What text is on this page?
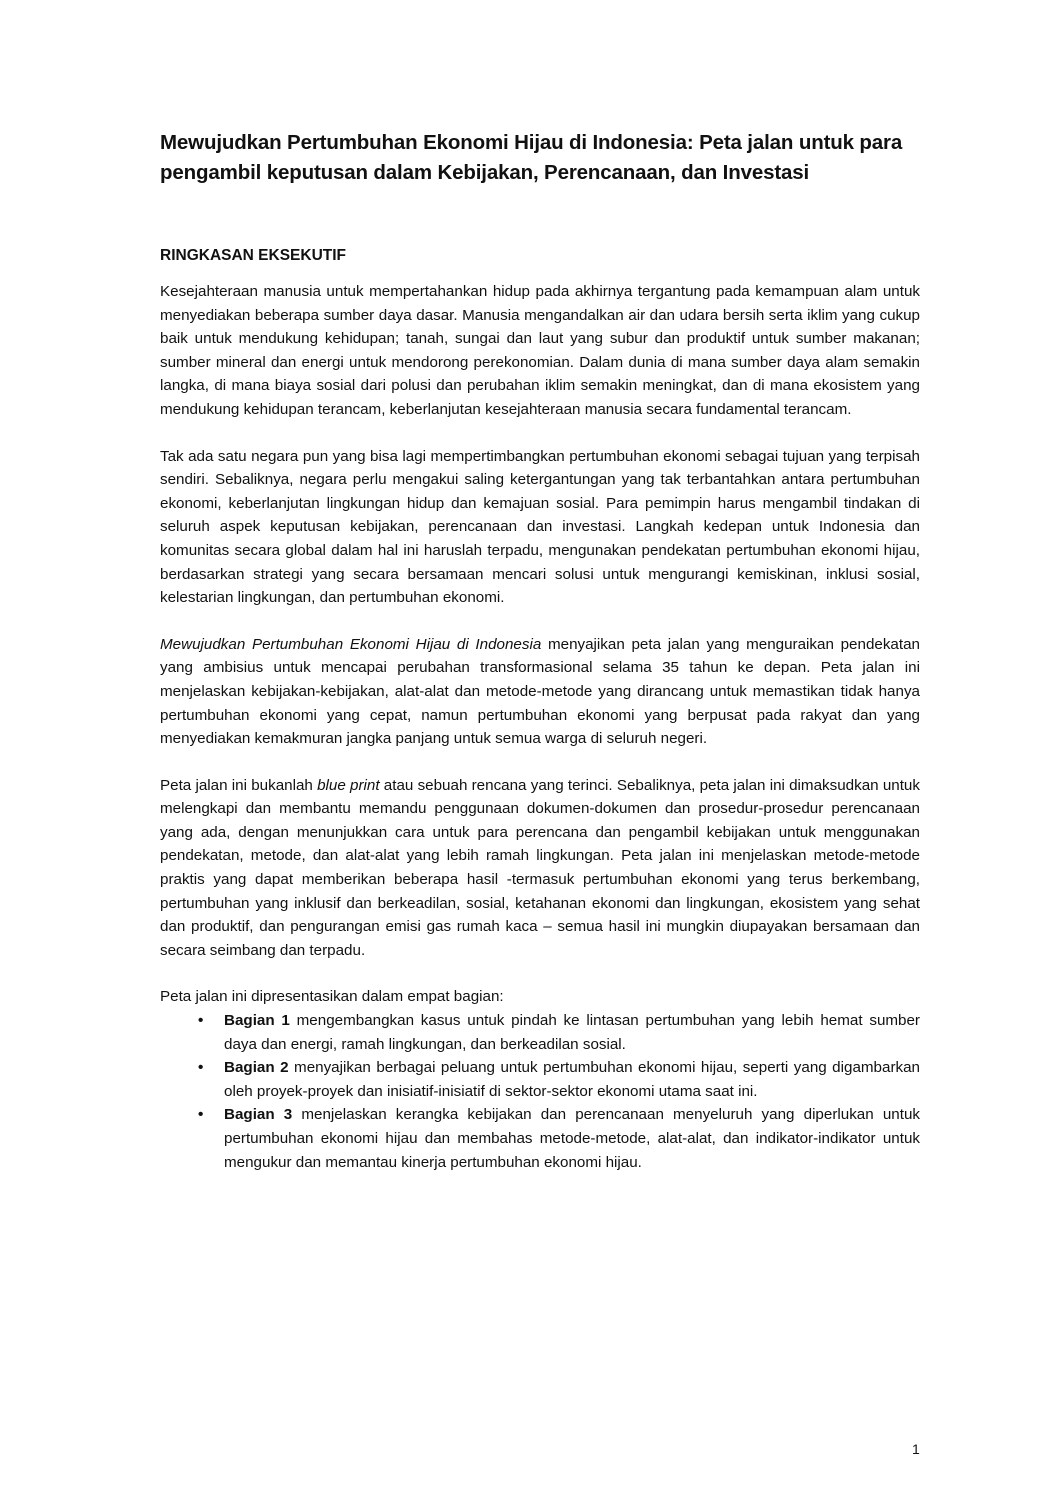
Mewujudkan Pertumbuhan Ekonomi Hijau di Indonesia: Peta jalan untuk para pengambil keputusan dalam Kebijakan, Perencanaan, dan Investasi
RINGKASAN EKSEKUTIF

Kesejahteraan manusia untuk mempertahankan hidup pada akhirnya tergantung pada kemampuan alam untuk menyediakan beberapa sumber daya dasar. Manusia mengandalkan air dan udara bersih serta iklim yang cukup baik untuk mendukung kehidupan; tanah, sungai dan laut yang subur dan produktif untuk sumber makanan; sumber mineral dan energi untuk mendorong perekonomian. Dalam dunia di mana sumber daya alam semakin langka, di mana biaya sosial dari polusi dan perubahan iklim semakin meningkat, dan di mana ekosistem yang mendukung kehidupan terancam, keberlanjutan kesejahteraan manusia secara fundamental terancam.

Tak ada satu negara pun yang bisa lagi mempertimbangkan pertumbuhan ekonomi sebagai tujuan yang terpisah sendiri. Sebaliknya, negara perlu mengakui saling ketergantungan yang tak terbantahkan antara pertumbuhan ekonomi, keberlanjutan lingkungan hidup dan kemajuan sosial. Para pemimpin harus mengambil tindakan di seluruh aspek keputusan kebijakan, perencanaan dan investasi. Langkah kedepan untuk Indonesia dan komunitas secara global dalam hal ini haruslah terpadu, mengunakan pendekatan pertumbuhan ekonomi hijau, berdasarkan strategi yang secara bersamaan mencari solusi untuk mengurangi kemiskinan, inklusi sosial, kelestarian lingkungan, dan pertumbuhan ekonomi.

Mewujudkan Pertumbuhan Ekonomi Hijau di Indonesia menyajikan peta jalan yang menguraikan pendekatan yang ambisius untuk mencapai perubahan transformasional selama 35 tahun ke depan. Peta jalan ini menjelaskan kebijakan-kebijakan, alat-alat dan metode-metode yang dirancang untuk memastikan tidak hanya pertumbuhan ekonomi yang cepat, namun pertumbuhan ekonomi yang berpusat pada rakyat dan yang menyediakan kemakmuran jangka panjang untuk semua warga di seluruh negeri.

Peta jalan ini bukanlah blue print atau sebuah rencana yang terinci. Sebaliknya, peta jalan ini dimaksudkan untuk melengkapi dan membantu memandu penggunaan dokumen-dokumen dan prosedur-prosedur perencanaan yang ada, dengan menunjukkan cara untuk para perencana dan pengambil kebijakan untuk menggunakan pendekatan, metode, dan alat-alat yang lebih ramah lingkungan. Peta jalan ini menjelaskan metode-metode praktis yang dapat memberikan beberapa hasil -termasuk pertumbuhan ekonomi yang terus berkembang, pertumbuhan yang inklusif dan berkeadilan, sosial, ketahanan ekonomi dan lingkungan, ekosistem yang sehat dan produktif, dan pengurangan emisi gas rumah kaca – semua hasil ini mungkin diupayakan bersamaan dan secara seimbang dan terpadu.

Peta jalan ini dipresentasikan dalam empat bagian:
• Bagian 1 mengembangkan kasus untuk pindah ke lintasan pertumbuhan yang lebih hemat sumber daya dan energi, ramah lingkungan, dan berkeadilan sosial.
• Bagian 2 menyajikan berbagai peluang untuk pertumbuhan ekonomi hijau, seperti yang digambarkan oleh proyek-proyek dan inisiatif-inisiatif di sektor-sektor ekonomi utama saat ini.
• Bagian 3 menjelaskan kerangka kebijakan dan perencanaan menyeluruh yang diperlukan untuk pertumbuhan ekonomi hijau dan membahas metode-metode, alat-alat, dan indikator-indikator untuk mengukur dan memantau kinerja pertumbuhan ekonomi hijau.
1
